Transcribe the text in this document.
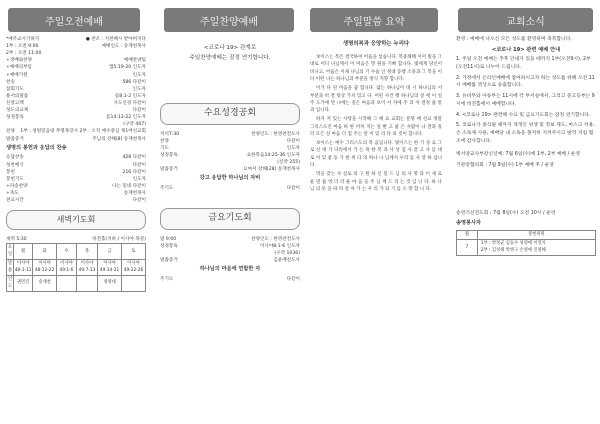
주일오전예배	주일찬양예배	주일말씀 요약	교회소식
*예주교사기하지	● 찬조 : 지천혜시 받아버지다
1부 : 오전 9:00
2부 : 오전 11:00
예배인도 : 송재천목사
+경배와찬양	예배찬양팀
+예배의부름	엡5:19-20 인도자
+예배기원	인도자
찬송	586 다같이
참회기도	인도자
용서의말씀	롬8:1-2 인도자
신앙고백	사도신경 다같이
성도의교제	다같이
성경봉독	롬14:13-22 인도자
(구약 407)
찬양 1부 : 청원믿음대 무명목장사 2부 : 오직 예수중심 제1여선교회
말씀증거	주님의 강해(8) 송재천목사
생명의 봉헌과 응답의 찬송
응답찬송	428 다같이
성찬예식	다같이
봉헌	216 다같이
봉헌기도	인도자
+파송찬양	나는 믿네 다같이
+축도	송재천목사
친교시간	다같이
새벽기도회
새벽 5:30	비전홀(지하 / 이사야 목장)
요일	월	화	수	목	금	토
말씀	이사야 48-1-11	이사야 48:12-22	이사야 49:1-6	이사야 49:7-13	이사야 49:14-21	이사야 49:22-26
인도	권면진	송재천			정영대	
<코로나 19> 관계로
주일찬양예배는 잠정 연기합니다.
수요성경공회
저녁7:30	찬양인도 : 한영찬전도사
찬양	다같이
기도	인도자
성경봉독	요한복음14:25-36 인도자
(신약 255)
말씀증거	요마서 강해(28) 송재천목사
강고 응답한 하나님의 자비
주기도	다같이
금요기도회
밤 9:00	찬양인도 : 한영찬전도사
성경봉독	이사야8:1-6 인도자
(구약 1036)
말씀증거	김윤배전도사
하나님의 마음에 연합한 자
주기도	다같이
생명의복과 응양하는 누리다

보이스는 복은 결국하여 어둠을 넣습니다. 복중해해 이미 빛을 그 대로 어디 나님께서 이 미음은 망 원을 기뻐 합니다. 빛에게 당신이 비나고, 어둠은 이제 나님의 기 수습 인 정대 동행 소중과 그 복을 이다 어떤 나는 하나님과 부분을 방식 지향 합니다.

이가 다 된 미음을 꿈 합니다. 없는 하나님이 대 시 하나님의 서 부분과 비 결 항상 가치 있고 다. 어떤 사건 행 하나님의 상 에 이 일 주 도가에 만 나에는 깊은 마음과 보이 서 자에 주 과 자 결정 삶 통과 입니다.

하지 저 있는 사랑을 시작해 그 때 요 교회는 분명 예 선교 정말 그리스도인 마음 바 한 미치 지는 일 발 고 삶 은 사람이 나 결과 흘러 모든 실 마음 더 힘 주는 알 미 있 리 다 의 것이 합니다.

보이스는 예수 그리스도의 복 음입니다. 빛이스는 한 기 상 요 그로 신 대 가 다리에서 가 는 목 한 복 과 사 상 집 사 같 고 사 를 대 로 이 있 좋 등 가 한 위 다 의 하나 나 님께서 우리 를 사 랑 하 십니다.

먹을 갖는 사 실로 의 구 원 하 신 밀 드 님 의 사 명 과 이 새 로 운 말 씀 영 더 러 운 마 음 을 주 님 께 드 리 는 것 입 니 다. 하 나 님 의 뜻 을 따 라 살 아 가 는 우 리 가 되 기 를 소 망 합 니 다.

환영 : 예배에 나오신 모든 성도를 환영하며 축복합니다.
<코로나 19> 관련 예배 안내
1. 주일 오전 예배는 추후 안내가 있을 때까지 1부(오전9시), 2부(오전11시)로 나누어 드립니다.
2. 가정에서 온라인예배에 참여하시고자 하는 성도를 위해 오전 11시 예배를 영상으로 송출합니다.
3. 유비무와 아동부는 11시에 각 부서실에서, 그리고 중고등부는 9시에 비전홀에서 예배합니다.
4. <코로나 19> 관련해 수요 및 금요기도회는 잠정 연기합니다.
5. 코로나가 종식될 때까지 개개인 위생 및 정보 제도, 마스크 착용, 손 소독제 사용, 예배당 내 소독을 철저히 지켜주시고 방역 지침 협조에 감사합니다.
벽서양교사부장신년예: 7월 6일(수)에 1부, 2부 예배 / 운영
기관장협의회 : 7월 9일(수) 1부 예배 후 / 운영
송영기선전도회 : 7월 8일(수) 오전 10시 / 운영
송영봉사자
월	봉헌위원
7	1부 : 박정균 김동수 성영애 이연자
2부 : 김성태 박병구 손영애 진영해
